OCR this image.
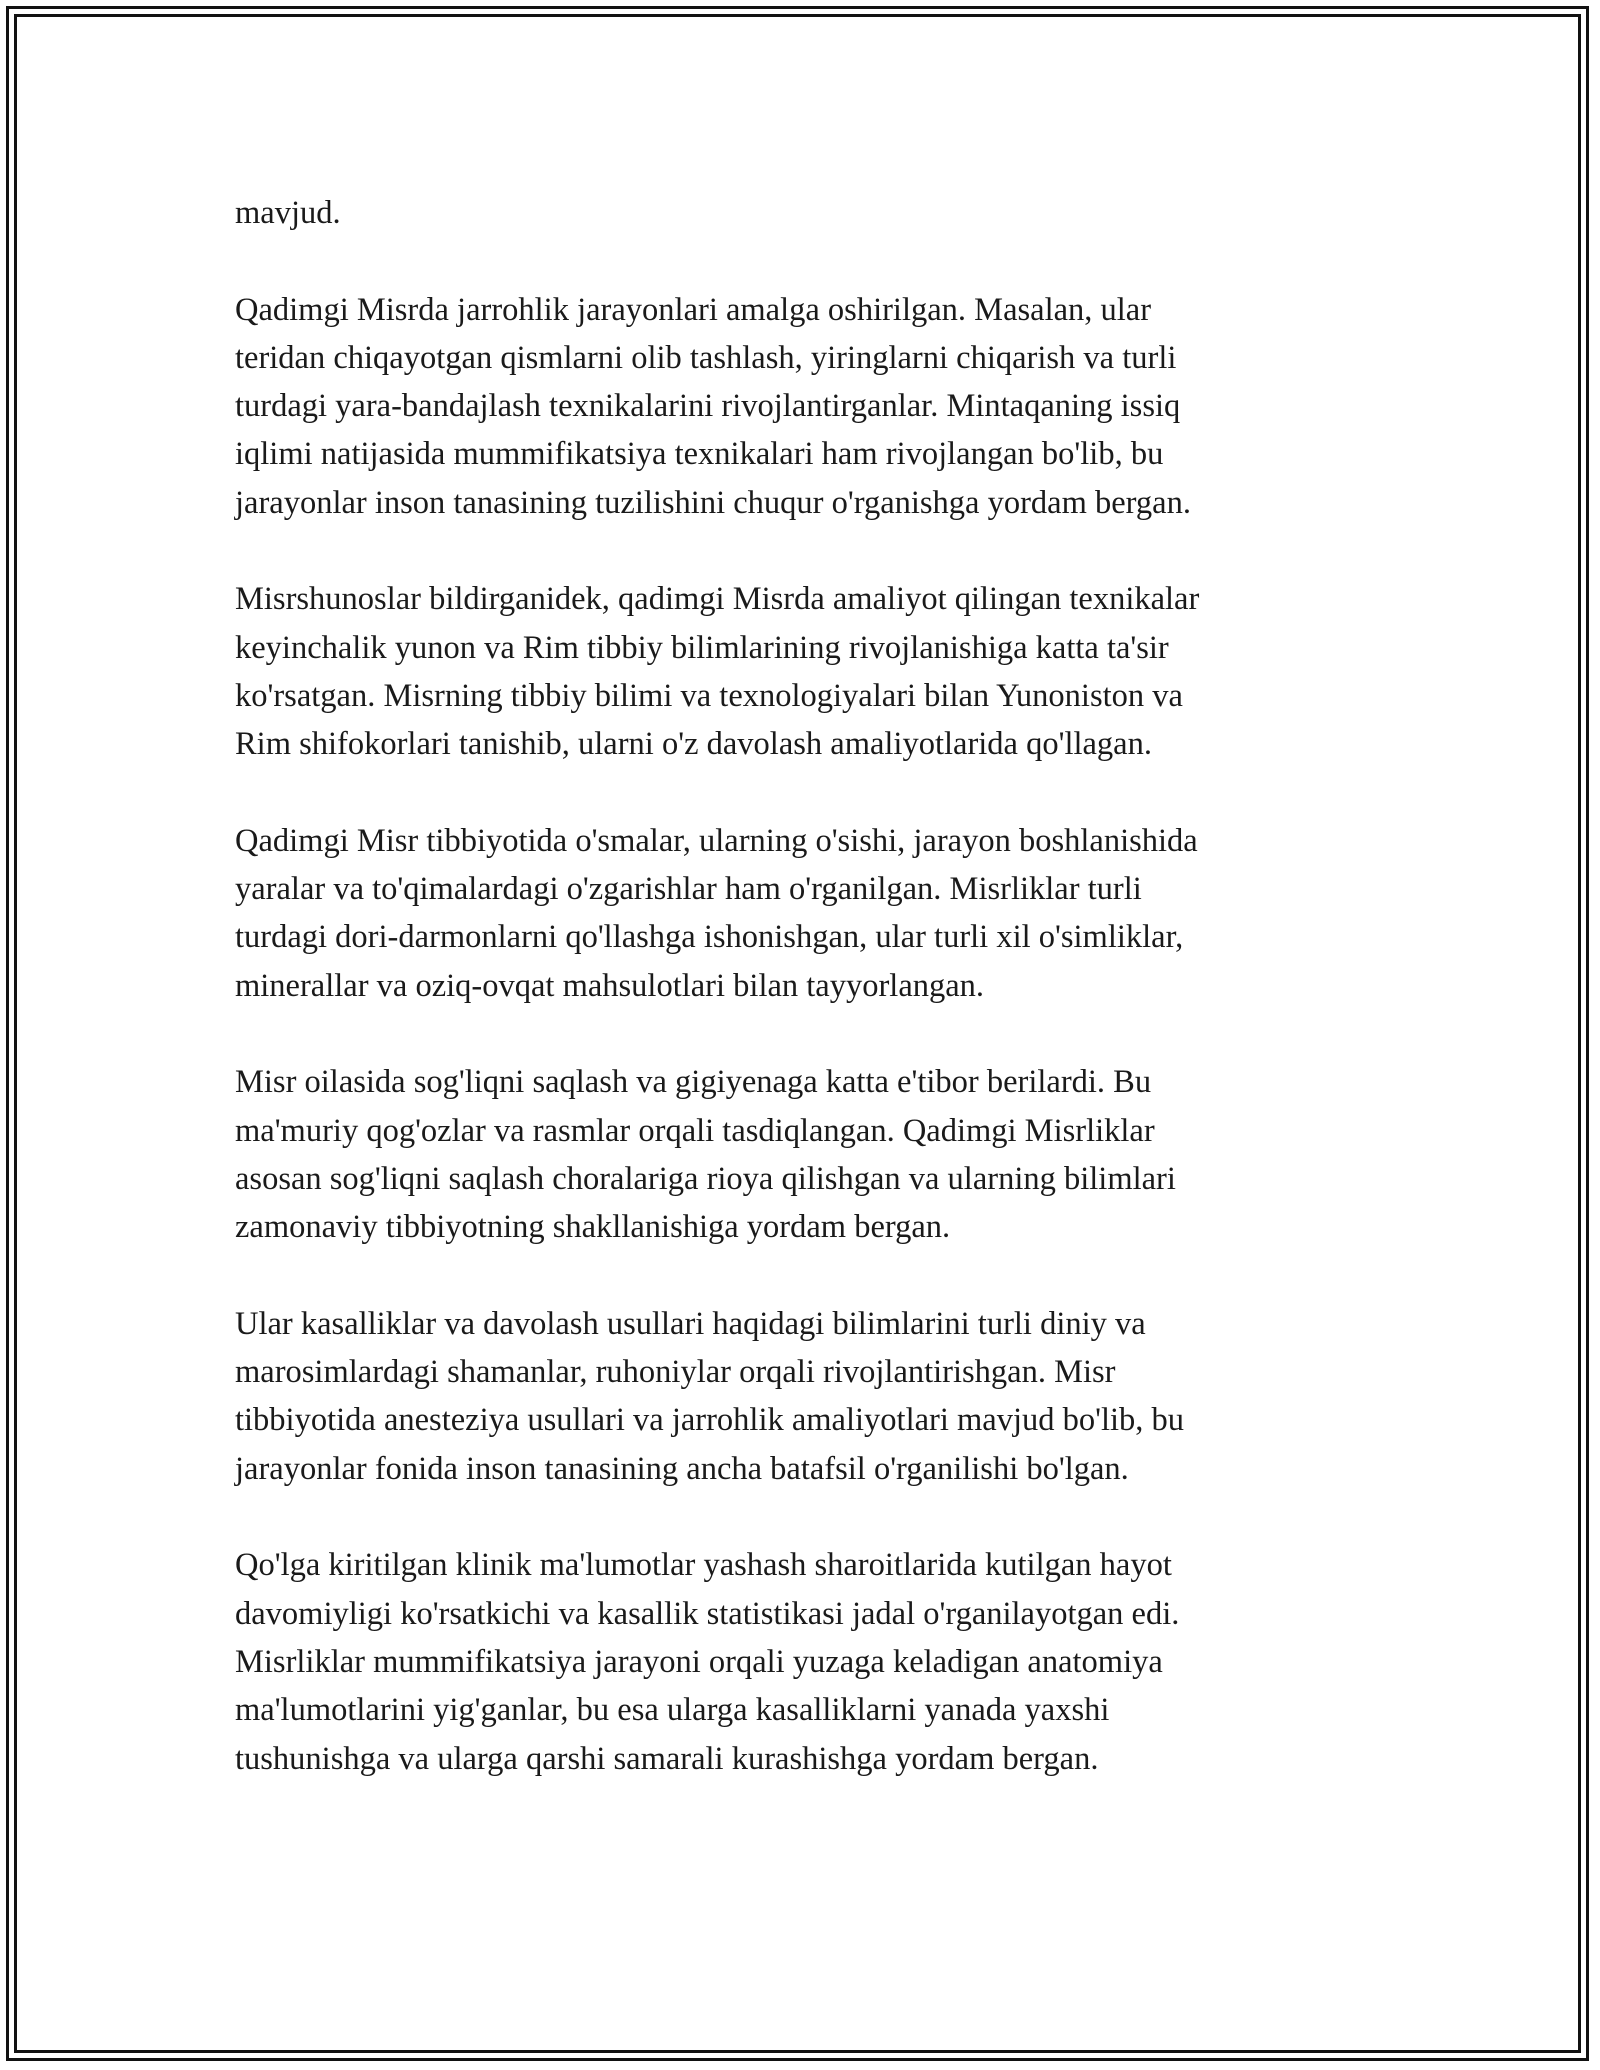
mavjud.

Qadimgi Misrda jarrohlik jarayonlari amalga oshirilgan. Masalan, ular
teridan chiqayotgan qismlarni olib tashlash, yiringlarni chiqarish va turli
turdagi yara-bandajlash texnikalarini rivojlantirganlar. Mintaqaning issiq
iqlimi natijasida mummifikatsiya texnikalari ham rivojlangan bo'lib, bu
jarayonlar inson tanasining tuzilishini chuqur o'rganishga yordam bergan.

Misrshunoslar bildirganidek, qadimgi Misrda amaliyot qilingan texnikalar
keyinchalik yunon va Rim tibbiy bilimlarining rivojlanishiga katta ta'sir
ko'rsatgan. Misrning tibbiy bilimi va texnologiyalari bilan Yunoniston va
Rim shifokorlari tanishib, ularni o'z davolash amaliyotlarida qo'llagan.

Qadimgi Misr tibbiyotida o'smalar, ularning o'sishi, jarayon boshlanishida
yaralar va to'qimalardagi o'zgarishlar ham o'rganilgan. Misrliklar turli
turdagi dori-darmonlarni qo'llashga ishonishgan, ular turli xil o'simliklar,
minerallar va oziq-ovqat mahsulotlari bilan tayyorlangan.

Misr oilasida sog'liqni saqlash va gigiyenaga katta e'tibor berilardi. Bu
ma'muriy qog'ozlar va rasmlar orqali tasdiqlangan. Qadimgi Misrliklar
asosan sog'liqni saqlash choralariga rioya qilishgan va ularning bilimlari
zamonaviy tibbiyotning shakllanishiga yordam bergan.

Ular kasalliklar va davolash usullari haqidagi bilimlarini turli diniy va
marosimlardagi shamanlar, ruhoniylar orqali rivojlantirishgan. Misr
tibbiyotida anesteziya usullari va jarrohlik amaliyotlari mavjud bo'lib, bu
jarayonlar fonida inson tanasining ancha batafsil o'rganilishi bo'lgan.

Qo'lga kiritilgan klinik ma'lumotlar yashash sharoitlarida kutilgan hayot
davomiyligi ko'rsatkichi va kasallik statistikasi jadal o'rganilayotgan edi.
Misrliklar mummifikatsiya jarayoni orqali yuzaga keladigan anatomiya
ma'lumotlarini yig'ganlar, bu esa ularga kasalliklarni yanada yaxshi
tushunishga va ularga qarshi samarali kurashishga yordam bergan.
